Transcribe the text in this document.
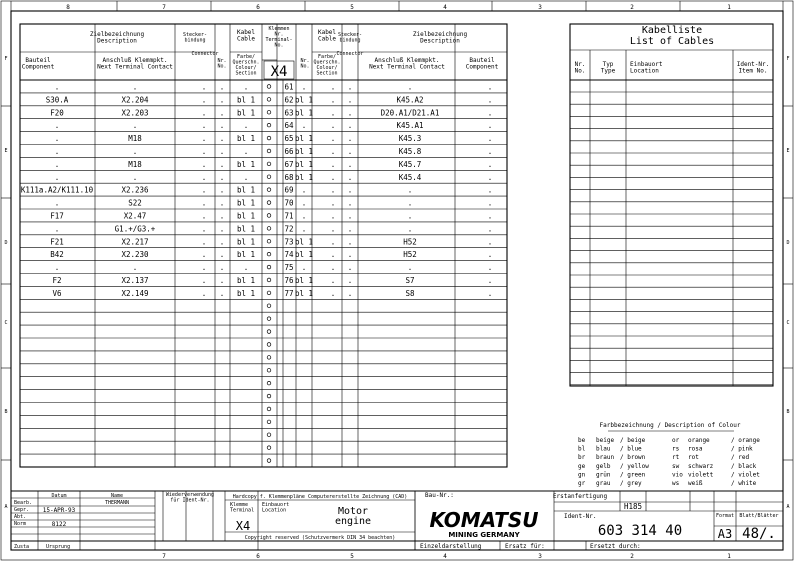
8	7	6	5	4	3	2	1
7	6	5	4	3	2	1
F	F
E	E
D	D
C	C
B	B
A	A
Zielbezeichnung
Description
Bauteil
Component
Anschluß Klemmpkt.
Next Terminal Contact
Stecker-
bindung
Connector
Kabel
Cable
Nr.
No.
Farbe/
Querschn.
Colour/
Section
Klemmen
Nr.
Terminal-
No.
X4
Kabel
Cable
Farbe/
Querschn.
Colour/
Section
Nr.
No.
Stecker-
bindung
Connector
Zielbezeichnung
Description
Anschluß Klemmpkt.
Next Terminal Contact
Bauteil
Component
.	.	. .	.	61 .	. .	.	.
S30.A	X2.204	. . bl 1	62 bl 1 . .	K45.A2	.
F20	X2.203	. . bl 1	63 bl 1 . .	D20.A1/D21.A1	.
.	.	. .	.	64 .	. .	K45.A1	.
.	M18	. . bl 1	65 bl 1 . .	K45.3	.
.	.	. .	.	66 bl 1 . .	K45.8	.
.	M18	. . bl 1	67 bl 1 . .	K45.7	.
.	.	. .	.	68 bl 1 . .	K45.4	.
K111a.A2/K111.10	X2.236	. . bl 1	69 .	. .	.	.
.	S22	. . bl 1	70 .	. .	.	.
F17	X2.47	. . bl 1	71 .	. .	.	.
.	G1.+/G3.+	. . bl 1	72 .	. .	.	.
F21	X2.217	. . bl 1	73 bl 1 . .	H52	.
B42	X2.230	. . bl 1	74 bl 1 . .	H52	.
.	.	. .	.	75 .	. .	.	.
F2	X2.137	. . bl 1	76 bl 1 . .	S7	.
V6	X2.149	. . bl 1	77 bl 1 . .	S8	.
Kabelliste
List of Cables
Nr.
No.
Typ
Type
Einbauort
Location
Ident-Nr.
Item No.
Farbbezeichnung / Description of Colour
be beige / beige
bl blau / blue
br braun / brown
ge gelb / yellow
gn grün / green
gr grau / grey
or orange	/ orange
rs rosa	/ pink
rt rot	/ red
sw schwarz	/ black
vio violett	/ violet
ws weiß	/ white
Datum	Name
Bearb.
Gepr.
Abt.
Norm
Zusta	Ursprung
15-APR-93
THERMANN
8122
Wiederverwendung
für Ident-Nr.
Hardcopy f. Klemmenpläne Computererstellte Zeichnung (CAD)
Klemme
Terminal
Einbauort
Location
X4
Motor
engine
Copyright reserved (Schutzvermerk DIN 34 beachten)
Bau-Nr.:
KOMATSU
MINING GERMANY
Einzeldarstellung
Erstanfertigung
H185
Ident-Nr.
603 314 40
Format
A3
Blatt/Blätter
48/.
Ersatz für:	Ersetzt durch:
